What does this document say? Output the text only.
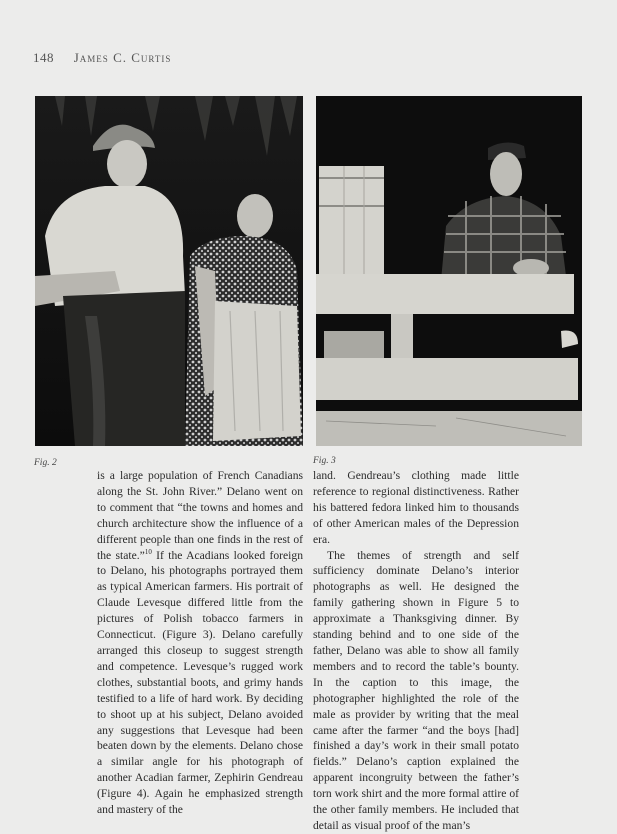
148 James C. Curtis
Fig. 2	Fig. 3

is a large population of French Canadians along the St. John River.” Delano went on to comment that “the towns and homes and church architecture show the influence of a different people than one finds in the rest of the state.”$^{10}$ If the Acadians looked foreign to Delano, his photographs portrayed them as typical American farmers. His portrait of Claude Levesque differed little from the pictures of Polish tobacco farmers in Connecticut. (Figure 3). Delano carefully arranged this closeup to suggest strength and competence. Levesque’s rugged work clothes, substantial boots, and grimy hands testified to a life of hard work. By deciding to shoot up at his subject, Delano avoided any suggestions that Levesque had been beaten down by the elements. Delano chose a similar angle for his photograph of another Acadian farmer, Zephirin Gendreau (Figure 4). Again he emphasized strength and mastery of the

land. Gendreau’s clothing made little reference to regional distinctiveness. Rather his battered fedora linked him to thousands of other American males of the Depression era.

The themes of strength and self sufficiency dominate Delano’s interior photographs as well. He designed the family gathering shown in Figure 5 to approximate a Thanksgiving dinner. By standing behind and to one side of the father, Delano was able to show all family members and to record the table’s bounty. In the caption to this image, the photographer highlighted the role of the male as provider by writing that the meal came after the farmer “and the boys [had] finished a day’s work in their small potato fields.” Delano’s caption explained the apparent incongruity between the father’s torn work shirt and the more formal attire of the other family members. He included that detail as visual proof of the man’s
